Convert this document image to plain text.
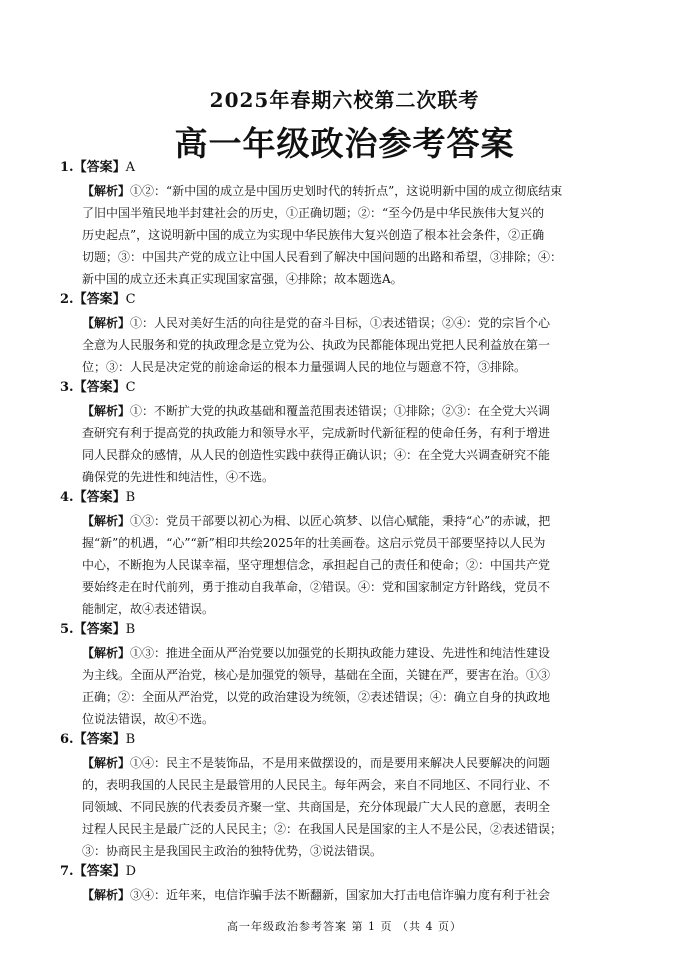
2025年春期六校第二次联考
高一年级政治参考答案
1.【答案】A
【解析】①②：“新中国的成立是中国历史划时代的转折点”，这说明新中国的成立彻底结束
了旧中国半殖民地半封建社会的历史，①正确切题；②：“至今仍是中华民族伟大复兴的
历史起点”，这说明新中国的成立为实现中华民族伟大复兴创造了根本社会条件，②正确
切题；③：中国共产党的成立让中国人民看到了解决中国问题的出路和希望，③排除；④：
新中国的成立还未真正实现国家富强，④排除；故本题选A。
2.【答案】C
【解析】①：人民对美好生活的向往是党的奋斗目标，①表述错误；②④：党的宗旨个心
全意为人民服务和党的执政理念是立党为公、执政为民都能体现出党把人民利益放在第一
位；③：人民是决定党的前途命运的根本力量强调人民的地位与题意不符，③排除。
3.【答案】C
【解析】①：不断扩大党的执政基础和覆盖范围表述错误；①排除；②③：在全党大兴调
查研究有利于提高党的执政能力和领导水平，完成新时代新征程的使命任务，有利于增进
同人民群众的感情，从人民的创造性实践中获得正确认识；④：在全党大兴调查研究不能
确保党的先进性和纯洁性，④不选。
4.【答案】B
【解析】①③：党员干部要以初心为楫、以匠心筑梦、以信心赋能，秉持“心”的赤诚，把
握“新”的机遇，“心”“新”相印共绘2025年的壮美画卷。这启示党员干部要坚持以人民为
中心，不断抱为人民谋幸福，坚守理想信念，承担起自己的责任和使命；②：中国共产党
要始终走在时代前列，勇于推动自我革命，②错误。④：党和国家制定方针路线，党员不
能制定，故④表述错误。
5.【答案】B
【解析】①③：推进全面从严治党要以加强党的长期执政能力建设、先进性和纯洁性建设
为主线。全面从严治党，核心是加强党的领导，基础在全面，关键在严，要害在治。①③
正确；②：全面从严治党，以党的政治建设为统领，②表述错误；④：确立自身的执政地
位说法错误，故④不选。
6.【答案】B
【解析】①④：民主不是装饰品，不是用来做摆设的，而是要用来解决人民要解决的问题
的，表明我国的人民民主是最管用的人民民主。每年两会，来自不同地区、不同行业、不
同领域、不同民族的代表委员齐聚一堂、共商国是，充分体现最广大人民的意愿，表明全
过程人民民主是最广泛的人民民主；②：在我国人民是国家的主人不是公民，②表述错误；
③：协商民主是我国民主政治的独特优势，③说法错误。
7.【答案】D
【解析】③④：近年来，电信诈骗手法不断翻新，国家加大打击电信诈骗力度有利于社会
高一年级政治参考答案 第 1 页 （共 4 页）
